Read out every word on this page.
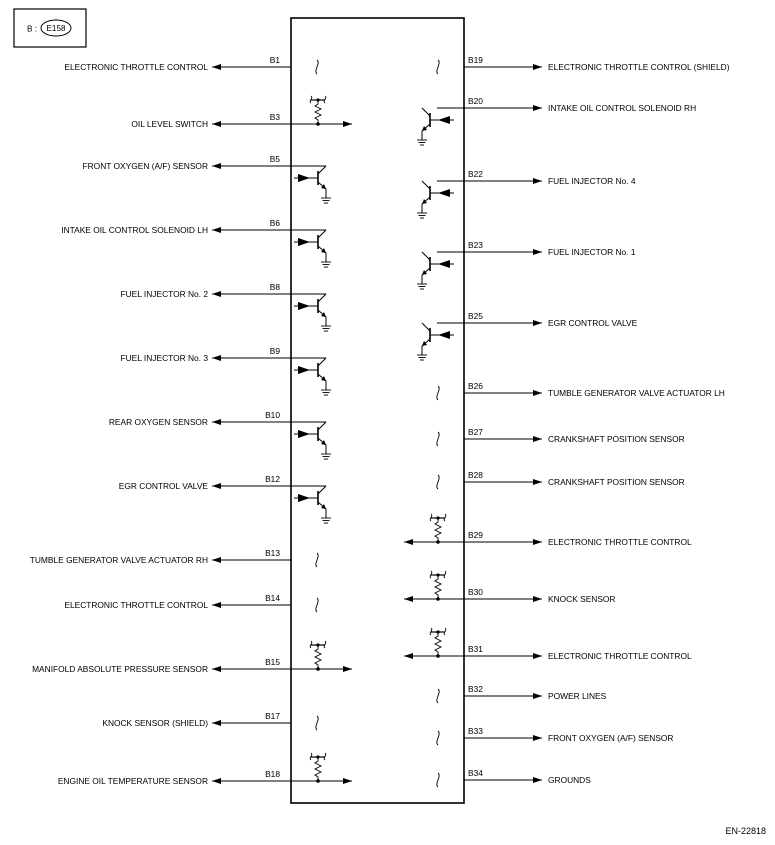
B : E158
ELECTRONIC THROTTLE CONTROL
B1
OIL LEVEL SWITCH
B3
FRONT OXYGEN (A/F) SENSOR
B5
INTAKE OIL CONTROL SOLENOID LH
B6
FUEL INJECTOR No. 2
B8
FUEL INJECTOR No. 3
B9
REAR OXYGEN SENSOR
B10
EGR CONTROL VALVE
B12
TUMBLE GENERATOR VALVE ACTUATOR RH
B13
ELECTRONIC THROTTLE CONTROL
B14
MANIFOLD ABSOLUTE PRESSURE SENSOR
B15
KNOCK SENSOR (SHIELD)
B17
ENGINE OIL TEMPERATURE SENSOR
B18
ELECTRONIC THROTTLE CONTROL (SHIELD)
B19
INTAKE OIL CONTROL SOLENOID RH
B20
FUEL INJECTOR No. 4
B22
FUEL INJECTOR No. 1
B23
EGR CONTROL VALVE
B25
TUMBLE GENERATOR VALVE ACTUATOR LH
B26
CRANKSHAFT POSITION SENSOR
B27
CRANKSHAFT POSITION SENSOR
B28
ELECTRONIC THROTTLE CONTROL
B29
KNOCK SENSOR
B30
ELECTRONIC THROTTLE CONTROL
B31
POWER LINES
B32
FRONT OXYGEN (A/F) SENSOR
B33
GROUNDS
B34
EN-22818
